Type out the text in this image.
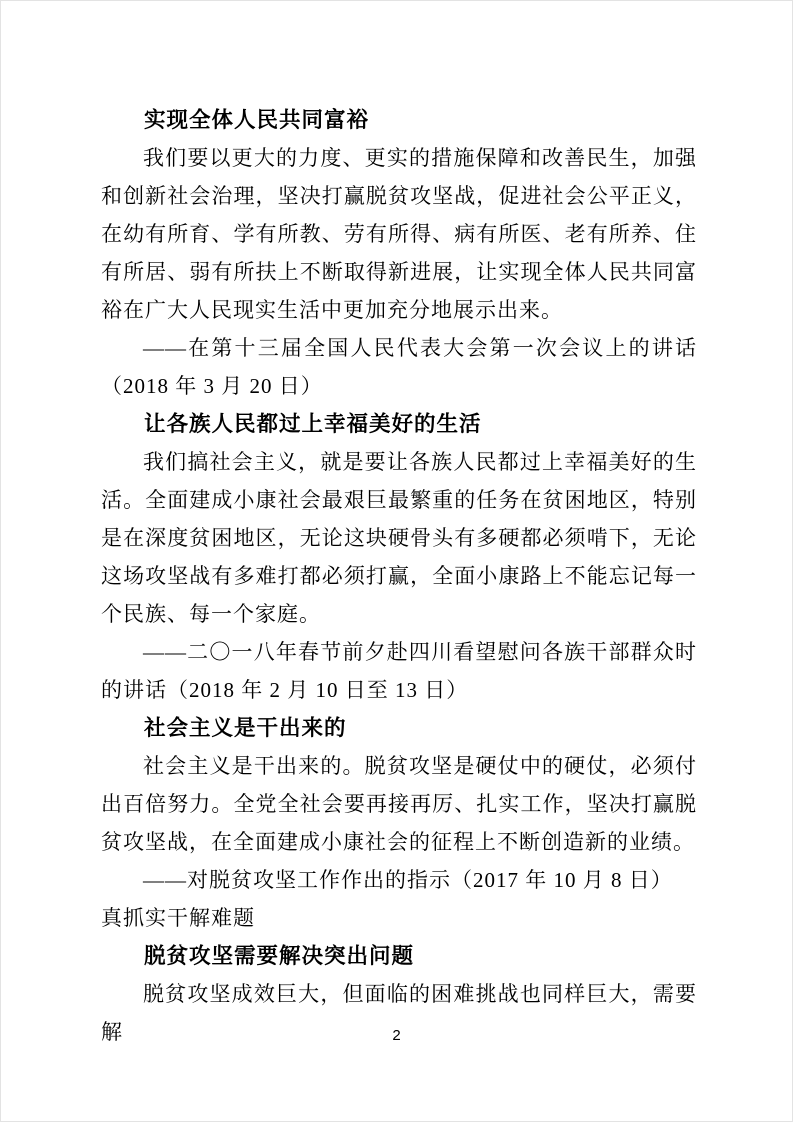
实现全体人民共同富裕

我们要以更大的力度、更实的措施保障和改善民生，加强和创新社会治理，坚决打赢脱贫攻坚战，促进社会公平正义，在幼有所育、学有所教、劳有所得、病有所医、老有所养、住有所居、弱有所扶上不断取得新进展，让实现全体人民共同富裕在广大人民现实生活中更加充分地展示出来。

——在第十三届全国人民代表大会第一次会议上的讲话（2018 年 3 月 20 日）

让各族人民都过上幸福美好的生活

我们搞社会主义，就是要让各族人民都过上幸福美好的生活。全面建成小康社会最艰巨最繁重的任务在贫困地区，特别是在深度贫困地区，无论这块硬骨头有多硬都必须啃下，无论这场攻坚战有多难打都必须打赢，全面小康路上不能忘记每一个民族、每一个家庭。

——二〇一八年春节前夕赴四川看望慰问各族干部群众时的讲话（2018 年 2 月 10 日至 13 日）

社会主义是干出来的

社会主义是干出来的。脱贫攻坚是硬仗中的硬仗，必须付出百倍努力。全党全社会要再接再厉、扎实工作，坚决打赢脱贫攻坚战，在全面建成小康社会的征程上不断创造新的业绩。

——对脱贫攻坚工作作出的指示（2017 年 10 月 8 日）

真抓实干解难题

脱贫攻坚需要解决突出问题

脱贫攻坚成效巨大，但面临的困难挑战也同样巨大，需要解	2
